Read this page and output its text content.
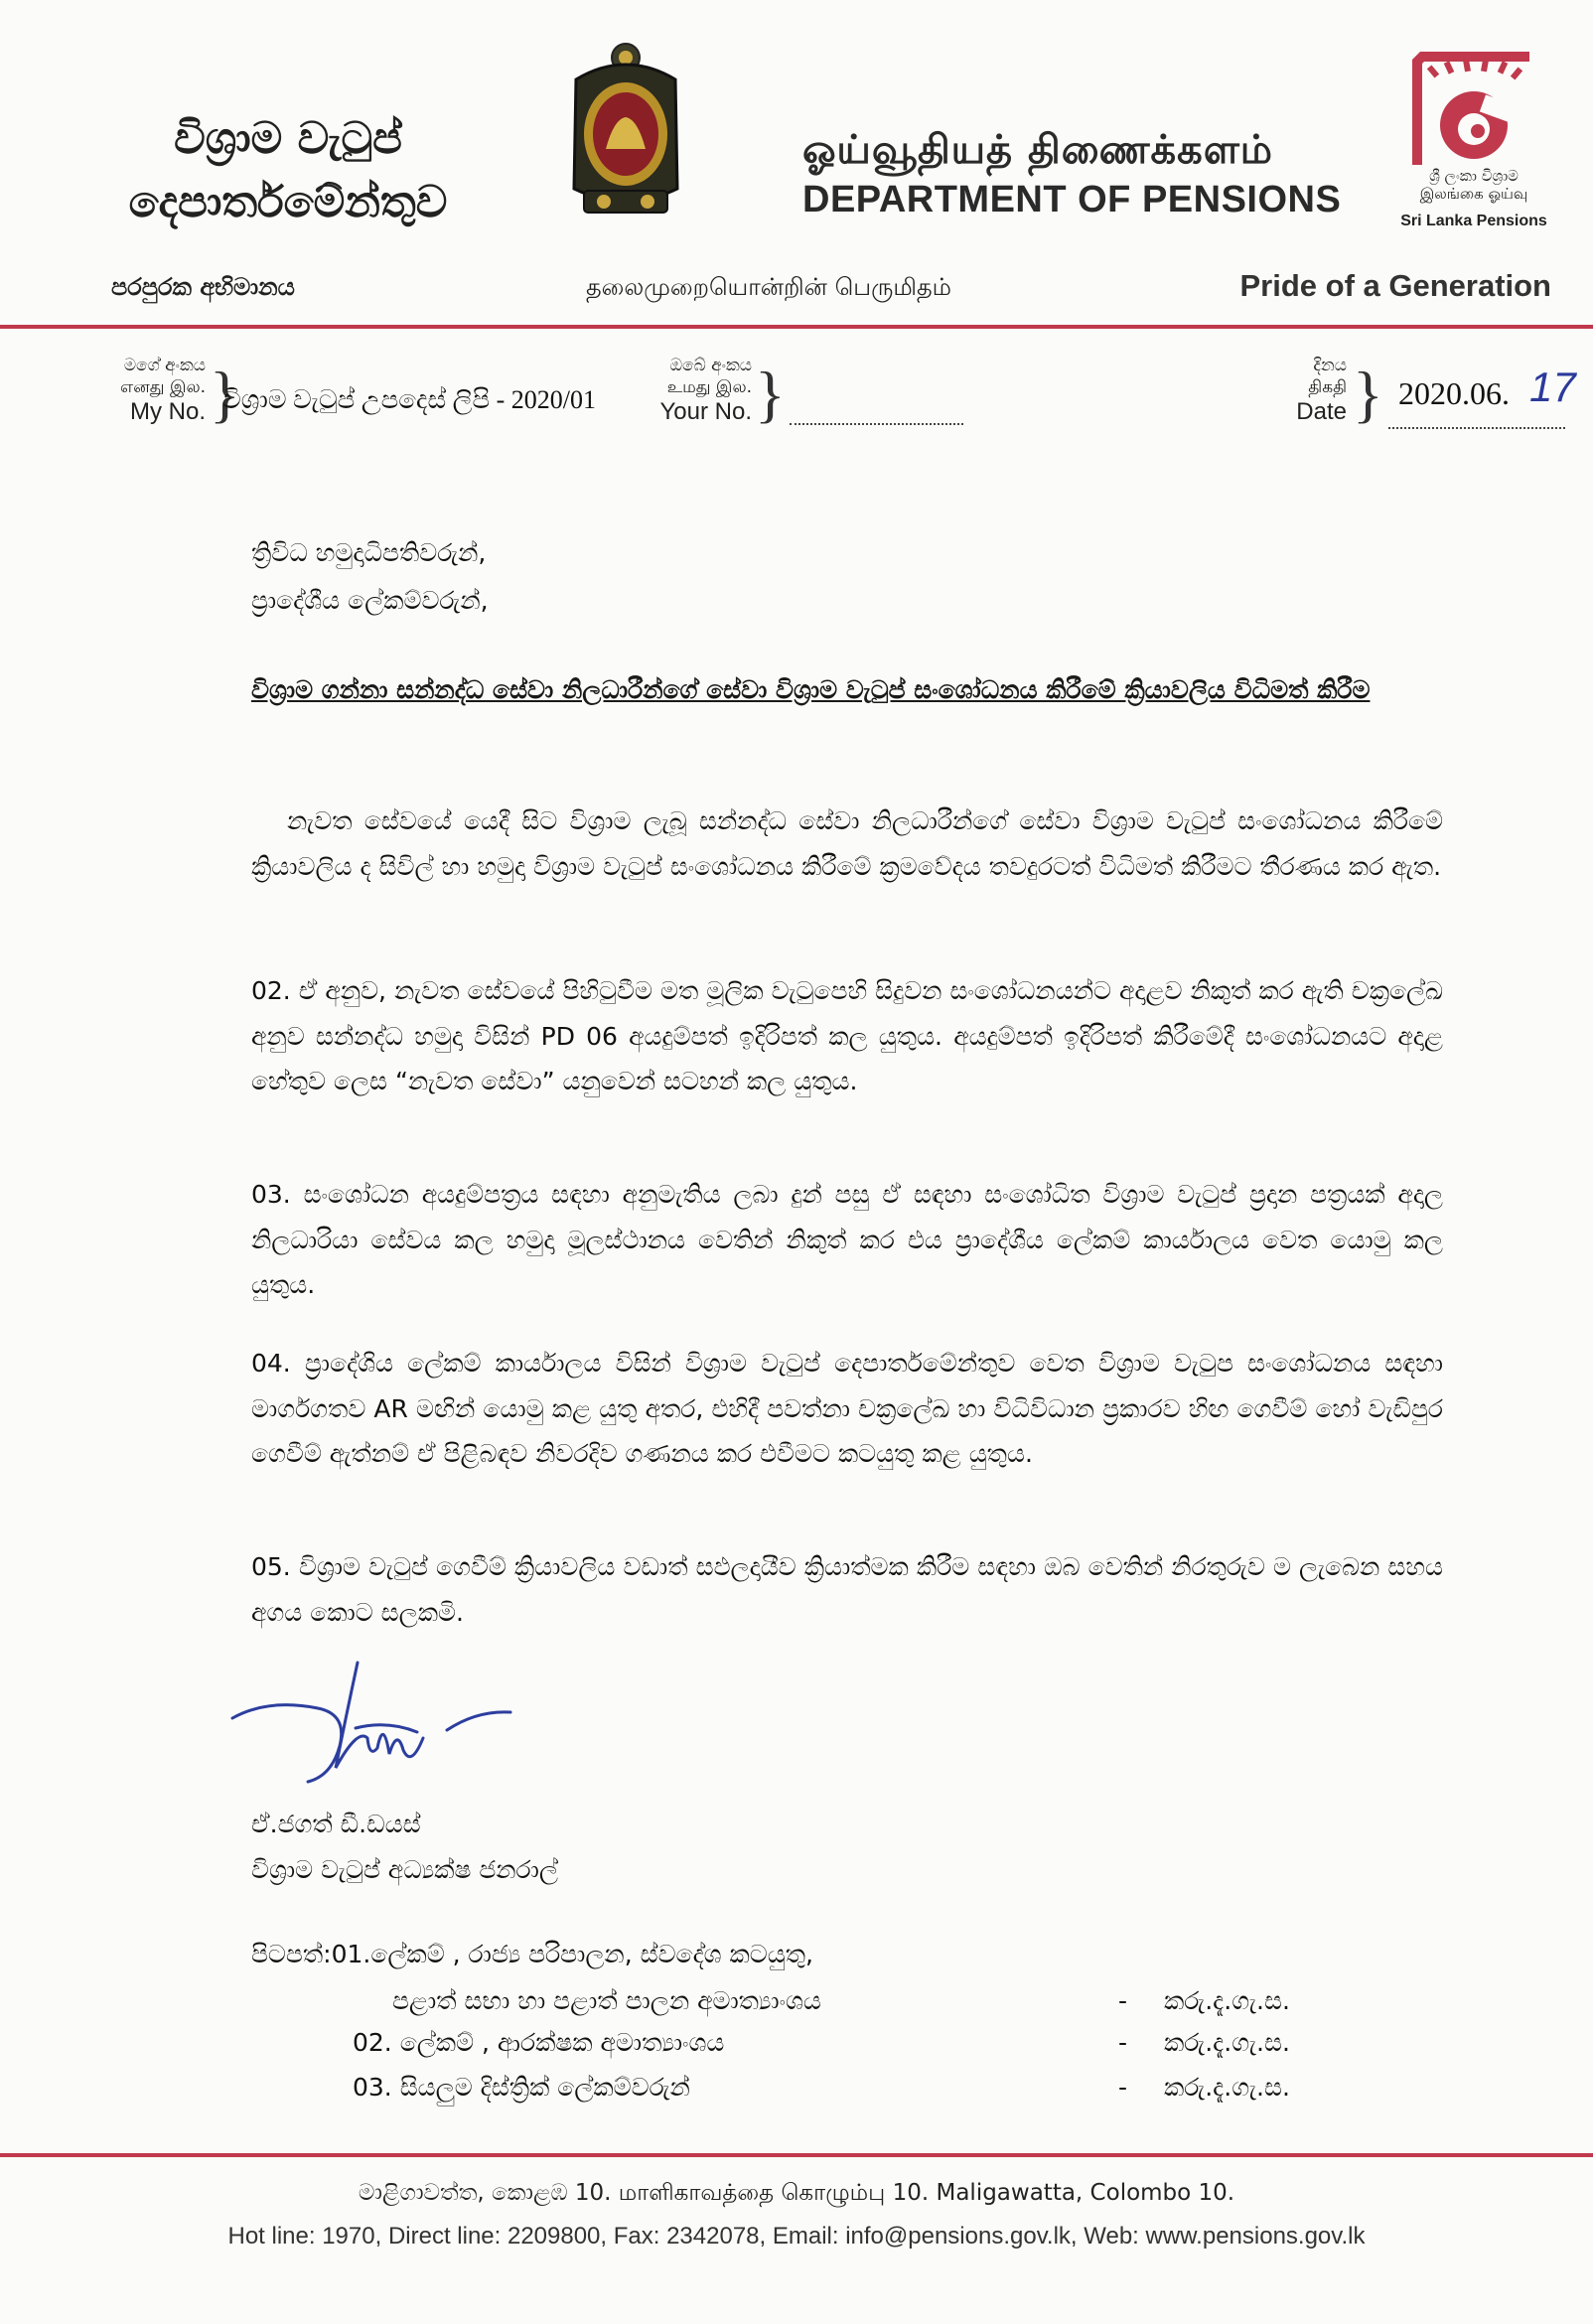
විශ්‍රාම වැටුප්
දෙපාර්තමේන්තුව
ஓய்வூதியத் திணைக்களம்
DEPARTMENT OF PENSIONS
ශ්‍රී ලංකා විශ්‍රාම
இலங்கை ஓய்வு
Sri Lanka Pensions
පරපුරක අභිමානය	தலைமுறையொன்றின் பெருமிதம்	Pride of a Generation
මගේ අංකය
எனது இல.
My No. }
විශ්‍රාම වැටුප් උපදෙස් ලිපි - 2020/01
ඔබේ අංකය
உமது இல.
Your No. }	දිනය
திகதி
Date } 2020.06. 17
ත්‍රිවිධ හමුදාධිපතිවරුන්,
ප්‍රාදේශීය ලේකම්වරුන්,

විශ්‍රාම ගන්නා සන්නද්ධ සේවා නිලධාරීන්ගේ සේවා විශ්‍රාම වැටුප් සංශෝධනය කිරීමේ ක්‍රියාවලිය විධිමත් කිරීම

නැවත සේවයේ යෙදී සිට විශ්‍රාම ලැබූ සන්නද්ධ සේවා නිලධාරීන්ගේ සේවා විශ්‍රාම වැටුප් සංශෝධනය කිරීමේ ක්‍රියාවලිය ද සිවිල් හා හමුදා විශ්‍රාම වැටුප් සංශෝධනය කිරීමේ ක්‍රමවේදය තවදුරටත් විධිමත් කිරීමට තීරණය කර ඇත.

02. ඒ අනුව, නැවත සේවයේ පිහිටුවීම මත මූලික වැටුපෙහි සිදුවන සංශෝධනයන්ට අදාළව නිකුත් කර ඇති චක්‍රලේඛ අනුව සන්නද්ධ හමුදා විසින් PD 06 අයදුම්පත් ඉදිරිපත් කල යුතුය. අයදුම්පත් ඉදිරිපත් කිරීමේදී සංශෝධනයට අදාළ හේතුව ලෙස “නැවත සේවා” යනුවෙන් සටහන් කල යුතුය.

03. සංශෝධන අයදුම්පත්‍රය සඳහා අනුමැතිය ලබා දුන් පසු ඒ සඳහා සංශෝධිත විශ්‍රාම වැටුප් ප්‍රදාන පත්‍රයක් අදාල නිලධාරියා සේවය කල හමුදා මූලස්ථානය වෙතින් නිකුත් කර එය ප්‍රාදේශීය ලේකම් කාර්යාලය වෙත යොමු කල යුතුය.

04. ප්‍රාදේශිය ලේකම් කාර්යාලය විසින් විශ්‍රාම වැටුප් දෙපාර්තමේන්තුව වෙත විශ්‍රාම වැටුප සංශෝධනය සඳහා මාර්ගගතව AR මඟින් යොමු කළ යුතු අතර, එහිදී පවත්නා චක්‍රලේඛ හා විධිවිධාන ප්‍රකාරව හිඟ ගෙවීම් හෝ වැඩිපුර ගෙවීම් ඇත්නම් ඒ පිළිබඳව නිවරදිව ගණනය කර එවීමට කටයුතු කළ යුතුය.

05. විශ්‍රාම වැටුප් ගෙවීම් ක්‍රියාවලිය වඩාත් සඵලදායීව ක්‍රියාත්මක කිරීම සඳහා ඔබ වෙතින් නිරතුරුව ම ලැබෙන සහය අගය කොට සලකමි.

ඒ.ජගත් ඩී.ඩයස්
විශ්‍රාම වැටුප් අධ්‍යක්ෂ ජනරාල්
පිටපත්:01.ලේකම් , රාජ්‍ය පරිපාලන, ස්වදේශ කටයුතු,
පළාත් සභා හා පළාත් පාලන අමාත්‍යාංශය	- කරු.දැ.ගැ.ස.
02. ලේකම් , ආරක්ෂක අමාත්‍යාංශය	- කරු.දැ.ගැ.ස.
03. සියලුම දිස්ත්‍රික් ලේකම්වරුන්	- කරු.දැ.ගැ.ස.
මාළිගාවත්ත, කොළඹ 10. மாளிகாவத்தை கொழும்பு 10. Maligawatta, Colombo 10.
Hot line: 1970, Direct line: 2209800, Fax: 2342078, Email: info@pensions.gov.lk, Web: www.pensions.gov.lk
